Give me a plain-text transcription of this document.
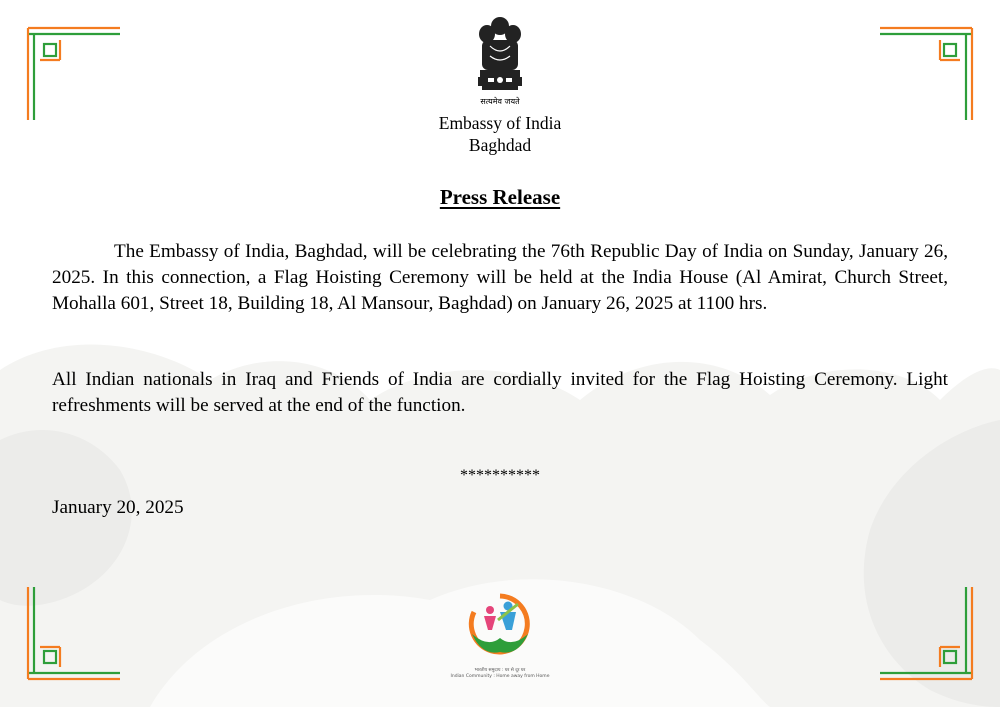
सत्यमेव जयते
Embassy of India
Baghdad
Press Release
The Embassy of India, Baghdad, will be celebrating the 76th Republic Day of India on Sunday, January 26, 2025. In this connection, a Flag Hoisting Ceremony will be held at the India House (Al Amirat, Church Street, Mohalla 601, Street 18, Building 18, Al Mansour, Baghdad) on January 26, 2025 at 1100 hrs.
All Indian nationals in Iraq and Friends of India are cordially invited for the Flag Hoisting Ceremony. Light refreshments will be served at the end of the function.
**********
January 20, 2025
भारतीय समुदाय : घर से दूर घर
Indian Community : Home away from Home
